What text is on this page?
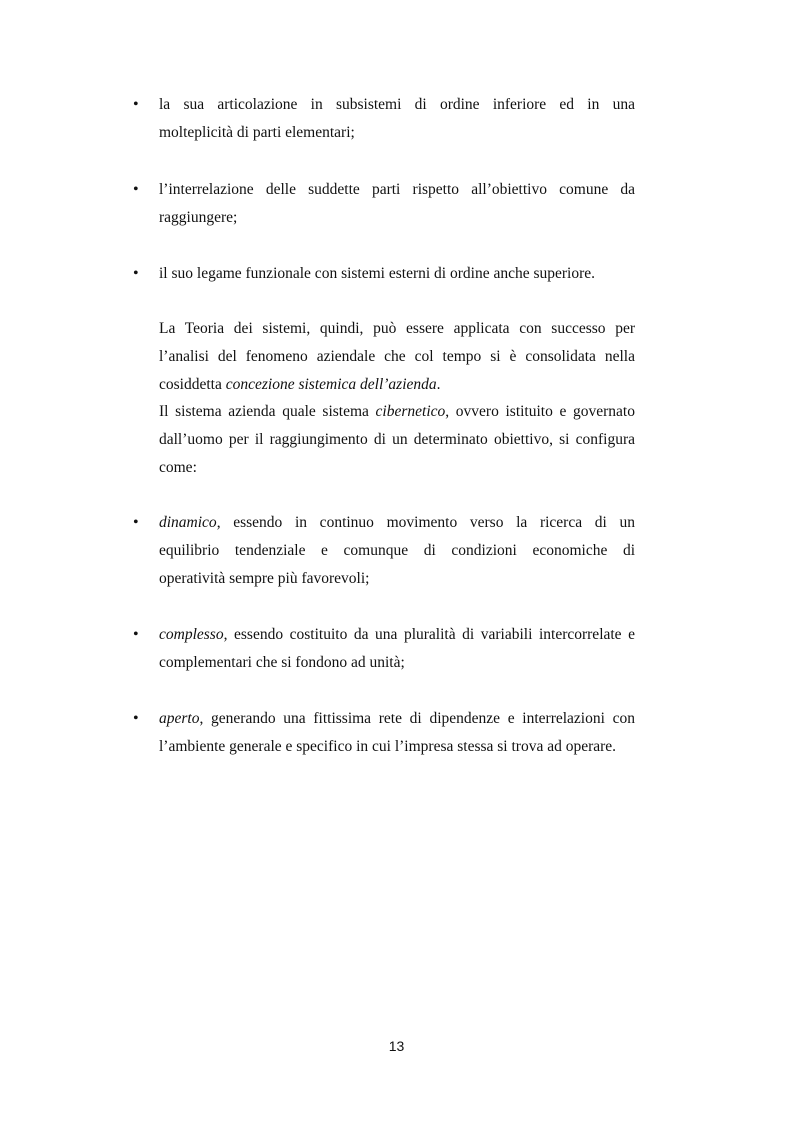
•	la sua articolazione in subsistemi di ordine inferiore ed in una
molteplicità di parti elementari;
•	l’interrelazione delle suddette parti rispetto all’obiettivo comune da
raggiungere;
•	il suo legame funzionale con sistemi esterni di ordine anche superiore.
La Teoria dei sistemi, quindi, può essere applicata con successo per
l’analisi del fenomeno aziendale che col tempo si è consolidata nella
cosiddetta concezione sistemica dell’azienda.
Il sistema azienda quale sistema cibernetico, ovvero istituito e governato
dall’uomo per il raggiungimento di un determinato obiettivo, si configura
come:
•	dinamico, essendo in continuo movimento verso la ricerca di un
equilibrio tendenziale e comunque di condizioni economiche di
operatività sempre più favorevoli;
•	complesso, essendo costituito da una pluralità di variabili intercorrelate e
complementari che si fondono ad unità;
•	aperto, generando una fittissima rete di dipendenze e interrelazioni con
l’ambiente generale e specifico in cui l’impresa stessa si trova ad operare.
13
